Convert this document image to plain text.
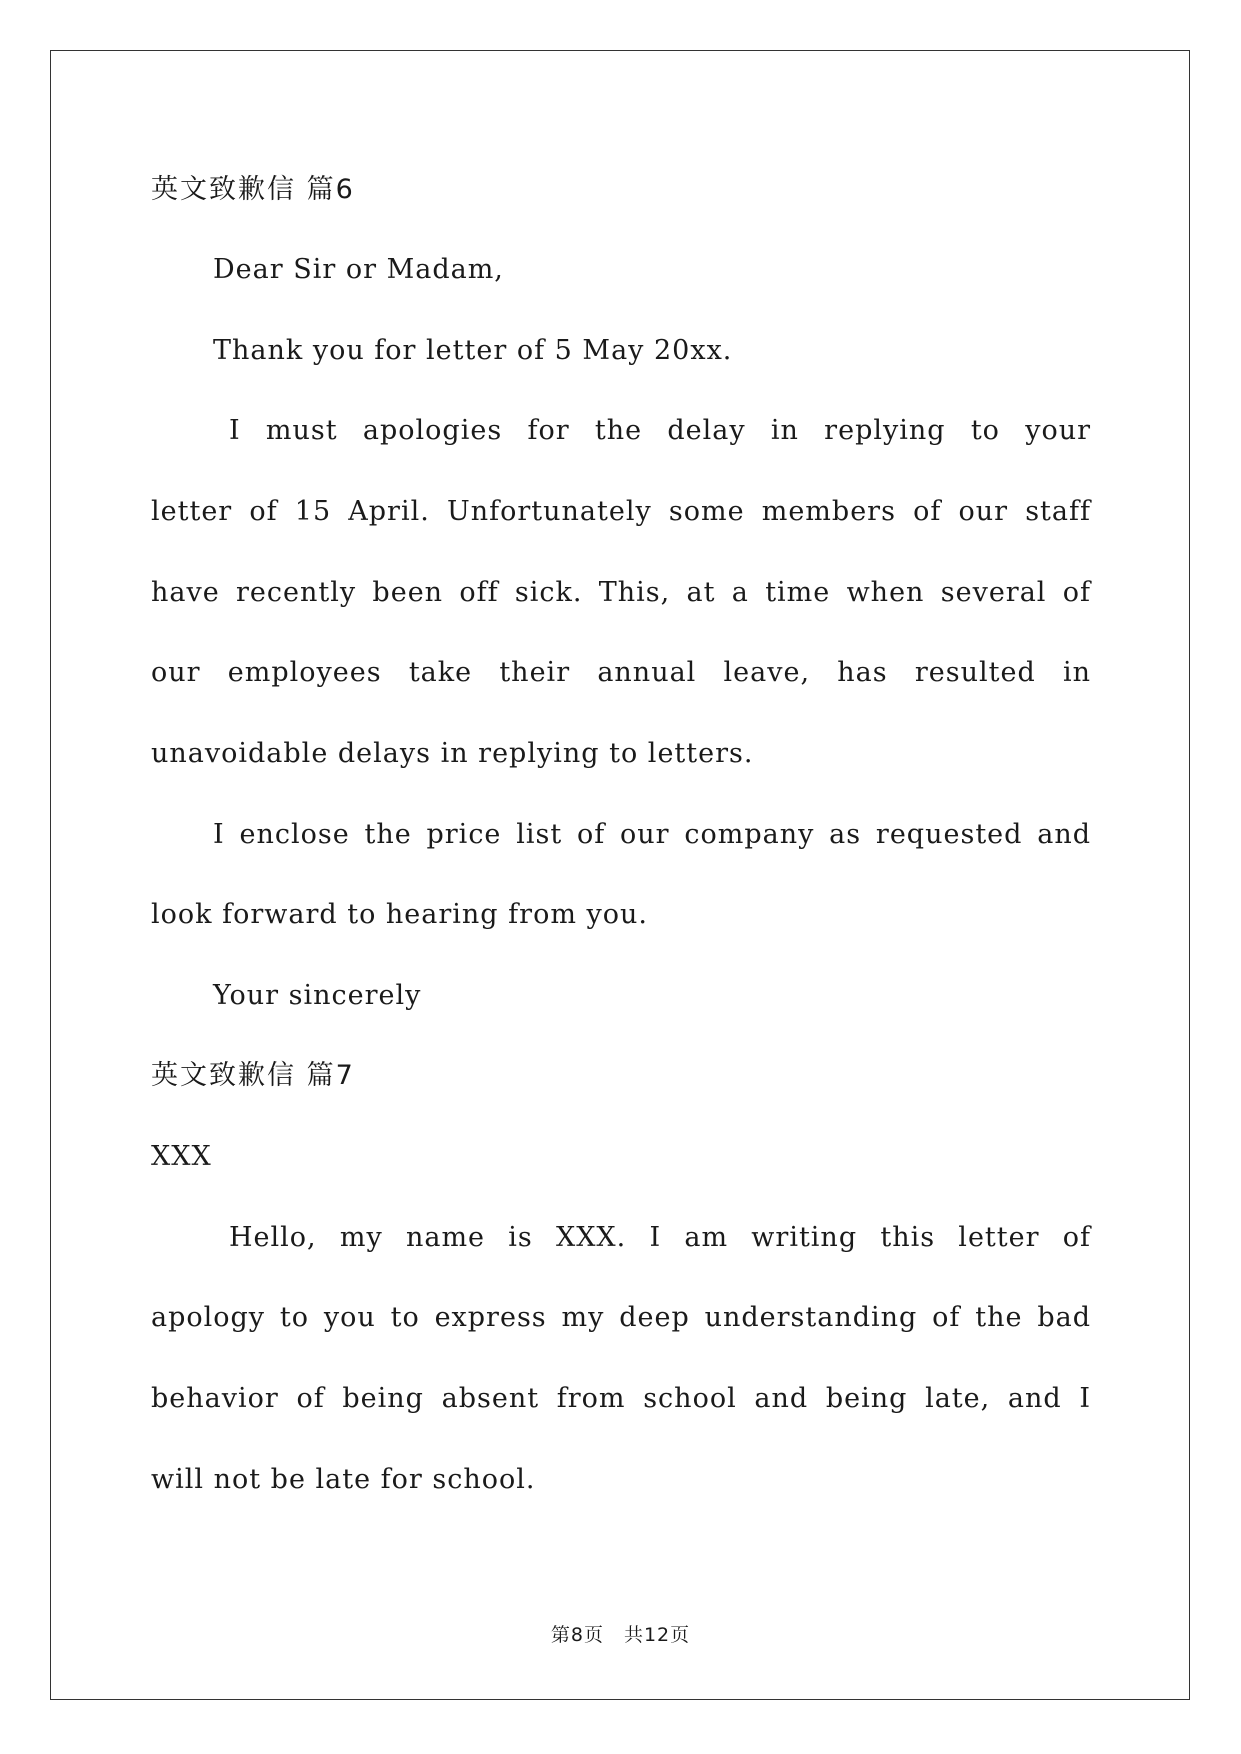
英文致歉信 篇6
Dear Sir or Madam,
Thank you for letter of 5 May 20xx.
I must apologies for the delay in replying to your
letter of 15 April. Unfortunately some members of our staff
have recently been off sick. This, at a time when several of
our employees take their annual leave, has resulted in
unavoidable delays in replying to letters.
I enclose the price list of our company as requested and
look forward to hearing from you.
Your sincerely
英文致歉信 篇7
XXX
Hello, my name is XXX. I am writing this letter of
apology to you to express my deep understanding of the bad
behavior of being absent from school and being late, and I
will not be late for school.
第8页　共12页
